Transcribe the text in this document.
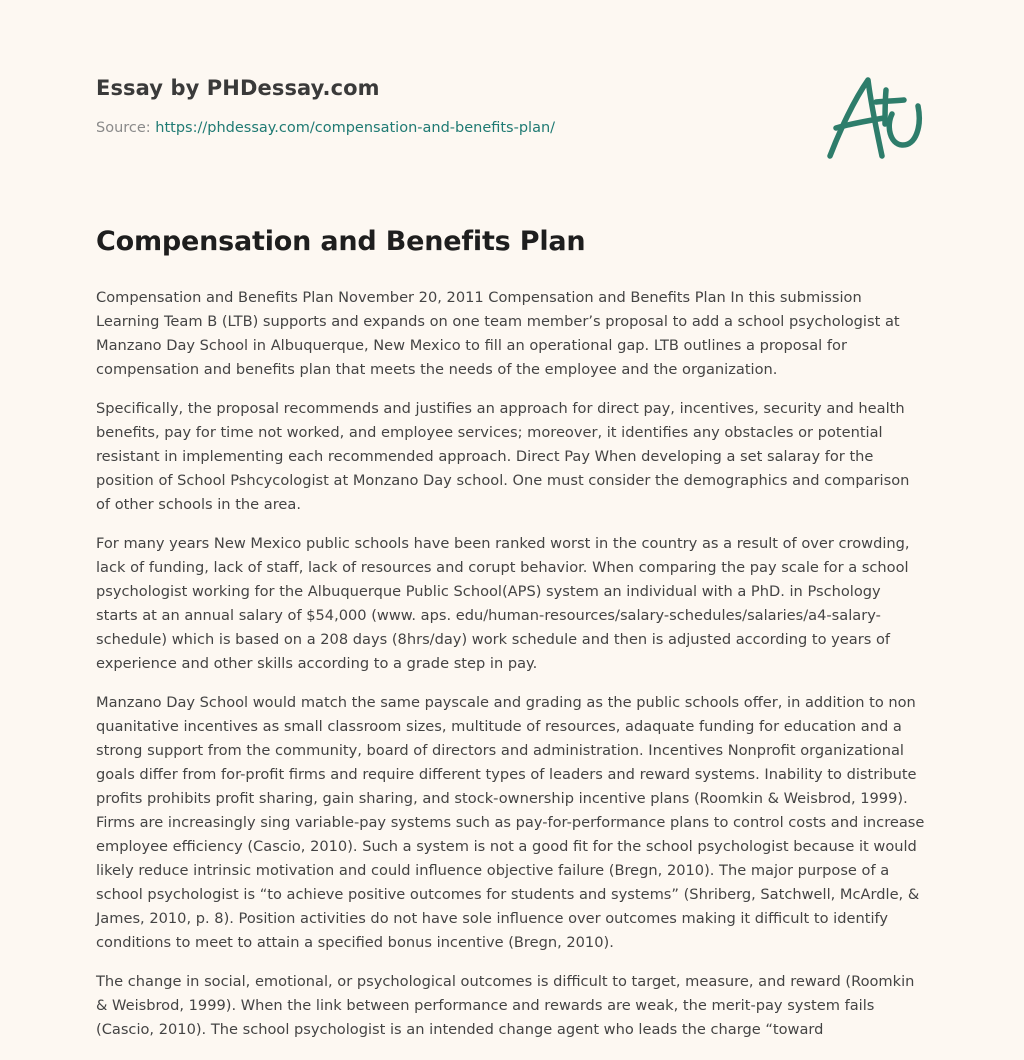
Essay by PHDessay.com
Source: https://phdessay.com/compensation-and-benefits-plan/
Compensation and Benefits Plan

Compensation and Benefits Plan November 20, 2011 Compensation and Benefits Plan In this submission Learning Team B (LTB) supports and expands on one team member’s proposal to add a school psychologist at Manzano Day School in Albuquerque, New Mexico to fill an operational gap. LTB outlines a proposal for compensation and benefits plan that meets the needs of the employee and the organization.

Specifically, the proposal recommends and justifies an approach for direct pay, incentives, security and health benefits, pay for time not worked, and employee services; moreover, it identifies any obstacles or potential resistant in implementing each recommended approach. Direct Pay When developing a set salaray for the position of School Pshcycologist at Monzano Day school. One must consider the demographics and comparison of other schools in the area.

For many years New Mexico public schools have been ranked worst in the country as a result of over crowding, lack of funding, lack of staff, lack of resources and corupt behavior. When comparing the pay scale for a school psychologist working for the Albuquerque Public School(APS) system an individual with a PhD. in Pschology starts at an annual salary of $54,000 (www. aps. edu/human-resources/salary-schedules/salaries/a4-salary-schedule) which is based on a 208 days (8hrs/day) work schedule and then is adjusted according to years of experience and other skills according to a grade step in pay.

Manzano Day School would match the same payscale and grading as the public schools offer, in addition to non quanitative incentives as small classroom sizes, multitude of resources, adaquate funding for education and a strong support from the community, board of directors and administration. Incentives Nonprofit organizational goals differ from for-profit firms and require different types of leaders and reward systems. Inability to distribute profits prohibits profit sharing, gain sharing, and stock-ownership incentive plans (Roomkin & Weisbrod, 1999). Firms are increasingly sing variable-pay systems such as pay-for-performance plans to control costs and increase employee efficiency (Cascio, 2010). Such a system is not a good fit for the school psychologist because it would likely reduce intrinsic motivation and could influence objective failure (Bregn, 2010). The major purpose of a school psychologist is “to achieve positive outcomes for students and systems” (Shriberg, Satchwell, McArdle, & James, 2010, p. 8). Position activities do not have sole influence over outcomes making it difficult to identify conditions to meet to attain a specified bonus incentive (Bregn, 2010).

The change in social, emotional, or psychological outcomes is difficult to target, measure, and reward (Roomkin & Weisbrod, 1999). When the link between performance and rewards are weak, the merit-pay system fails (Cascio, 2010). The school psychologist is an intended change agent who leads the charge “toward
